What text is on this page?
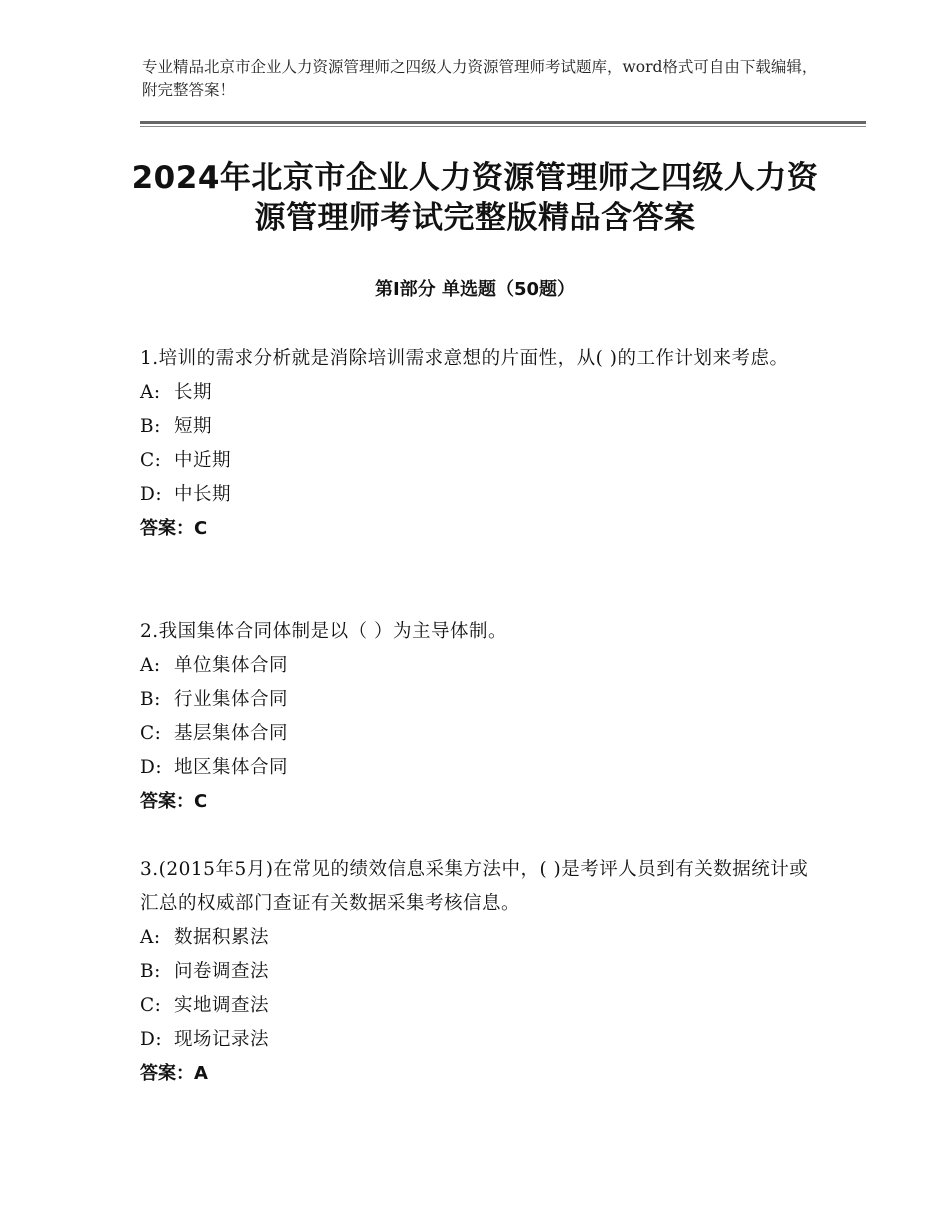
专业精品北京市企业人力资源管理师之四级人力资源管理师考试题库，word格式可自由下载编辑，附完整答案！
2024年北京市企业人力资源管理师之四级人力资源管理师考试完整版精品含答案
第Ⅰ部分 单选题（50题）

1.培训的需求分析就是消除培训需求意想的片面性，从( )的工作计划来考虑。

A: 长期

B: 短期

C: 中近期

D: 中长期

答案：C

2.我国集体合同体制是以（ ）为主导体制。

A: 单位集体合同

B: 行业集体合同

C: 基层集体合同

D: 地区集体合同

答案：C

3.(2015年5月)在常见的绩效信息采集方法中，( )是考评人员到有关数据统计或汇总的权威部门查证有关数据采集考核信息。

A: 数据积累法

B: 问卷调查法

C: 实地调查法

D: 现场记录法

答案：A
